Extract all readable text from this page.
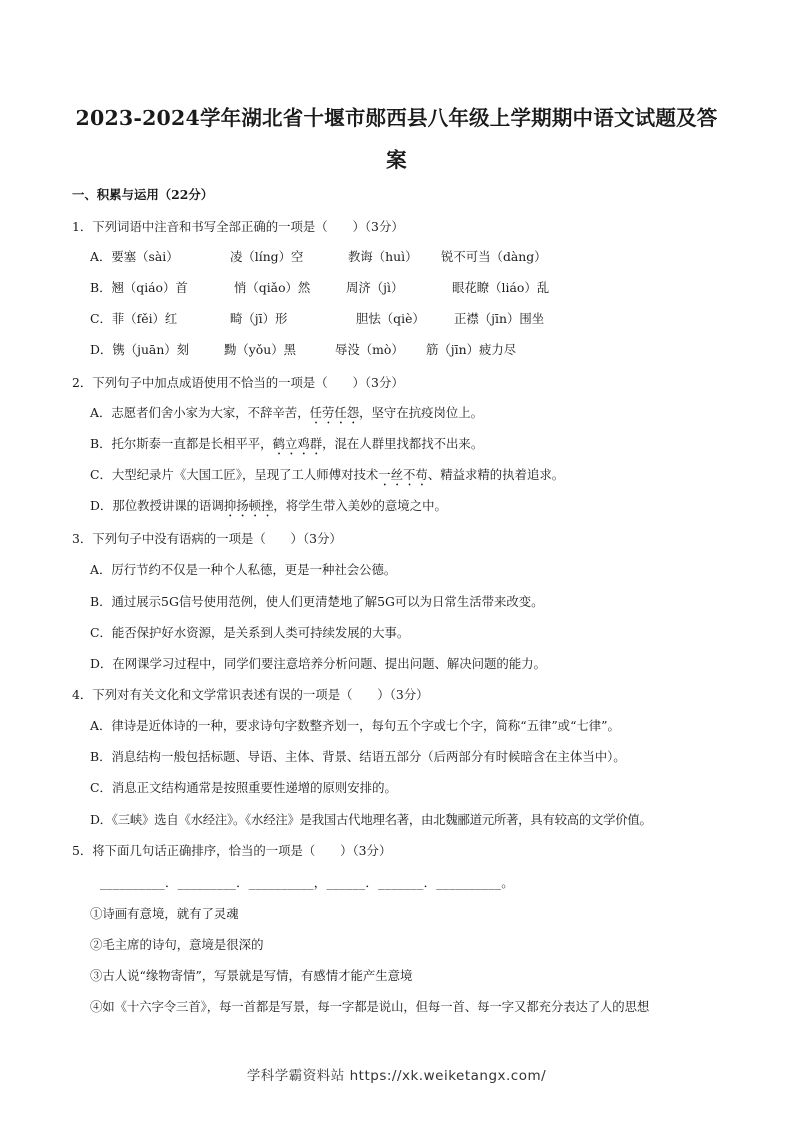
2023-2024学年湖北省十堰市郧西县八年级上学期期中语文试题及答
案
一、积累与运用（22分）
1．下列词语中注音和书写全部正确的一项是（　　）（3分）
A．要塞（sài）	凌（líng）空	教诲（huì） 锐不可当（dàng）
B．翘（qiáo）首	悄（qiǎo）然	周济（jì）	眼花瞭（liáo）乱
C．菲（fěi）红	畸（jī）形	胆怯（qiè） 正襟（jīn）围坐
D．镌（juān）刻	黝（yǒu）黑	辱没（mò） 筋（jīn）疲力尽
2．下列句子中加点成语使用不恰当的一项是（　　）（3分）
A．志愿者们舍小家为大家，不辞辛苦，任劳任怨，坚守在抗疫岗位上。
B．托尔斯泰一直都是长相平平，鹤立鸡群，混在人群里找都找不出来。
C．大型纪录片《大国工匠》，呈现了工人师傅对技术一丝不苟、精益求精的执着追求。
D．那位教授讲课的语调抑扬顿挫，将学生带入美妙的意境之中。
3．下列句子中没有语病的一项是（　　）（3分）
A．厉行节约不仅是一种个人私德，更是一种社会公德。
B．通过展示5G信号使用范例，使人们更清楚地了解5G可以为日常生活带来改变。
C．能否保护好水资源，是关系到人类可持续发展的大事。
D．在网课学习过程中，同学们要注意培养分析问题、提出问题、解决问题的能力。
4．下列对有关文化和文学常识表述有误的一项是（　　）（3分）
A．律诗是近体诗的一种，要求诗句字数整齐划一，每句五个字或七个字，简称“五律”或“七律”。
B．消息结构一般包括标题、导语、主体、背景、结语五部分（后两部分有时候暗含在主体当中）。
C．消息正文结构通常是按照重要性递增的原则安排的。
D．《三峡》选自《水经注》。《水经注》是我国古代地理名著，由北魏郦道元所著，具有较高的文学价值。
5．将下面几句话正确排序，恰当的一项是（　　）（3分）
__________．_________．__________，______．_______．__________。
①诗画有意境，就有了灵魂
②毛主席的诗句，意境是很深的
③古人说“缘物寄情”，写景就是写情，有感情才能产生意境
④如《十六字令三首》，每一首都是写景，每一字都是说山，但每一首、每一字又都充分表达了人的思想
学科学霸资料站 https://xk.weiketangx.com/
